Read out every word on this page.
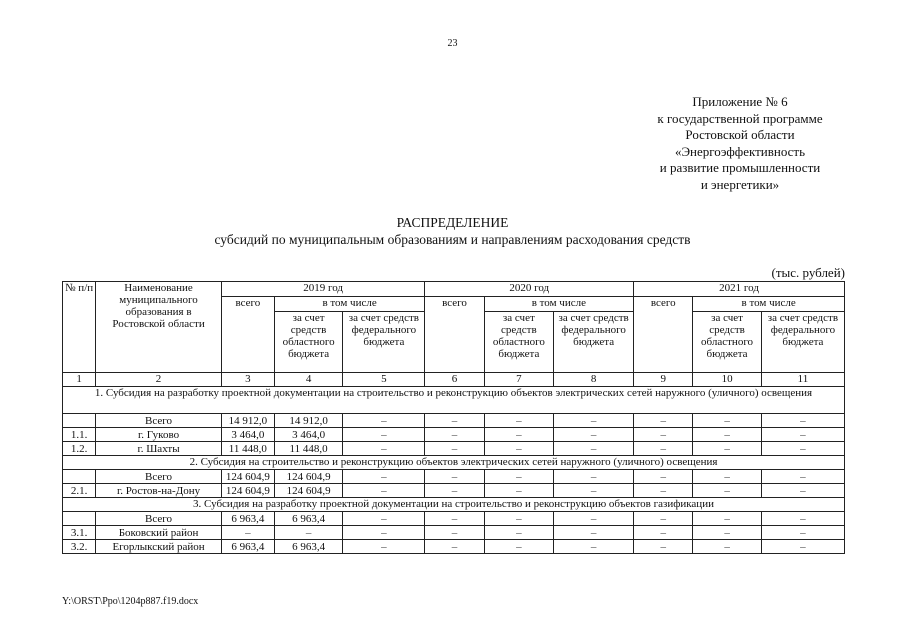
23
Приложение № 6
к государственной программе
Ростовской области
«Энергоэффективность
и развитие промышленности
и энергетики»
РАСПРЕДЕЛЕНИЕ
субсидий по муниципальным образованиям и направлениям расходования средств
(тыс. рублей)
№ п/п	Наименование муниципального образования в Ростовской области	2019 год			2020 год			2021 год		
		всего	в том числе		всего	в том числе		всего	в том числе	
			за счет средств областного бюджета	за счет средств федерального бюджета		за счет средств областного бюджета	за счет средств федерального бюджета		за счет средств областного бюджета	за счет средств федерального бюджета
1	2	3	4	5	6	7	8	9	10	11
1. Субсидия на разработку проектной документации на строительство и реконструкцию объектов электрических сетей наружного (уличного) освещения										
	Всего	14 912,0	14 912,0	–	–	–	–	–	–	–
1.1.	г. Гуково	3 464,0	3 464,0	–	–	–	–	–	–	–
1.2.	г. Шахты	11 448,0	11 448,0	–	–	–	–	–	–	–
2. Субсидия на строительство и реконструкцию объектов электрических сетей наружного (уличного) освещения										
	Всего	124 604,9	124 604,9	–	–	–	–	–	–	–
2.1.	г. Ростов-на-Дону	124 604,9	124 604,9	–	–	–	–	–	–	–
3. Субсидия на разработку проектной документации на строительство и реконструкцию объектов газификации										
	Всего	6 963,4	6 963,4	–	–	–	–	–	–	–
3.1.	Боковский район	–	–	–	–	–	–	–	–	–
3.2.	Егорлыкский район	6 963,4	6 963,4	–	–	–	–	–	–	–
Y:\ORST\Ppo\1204p887.f19.docx
